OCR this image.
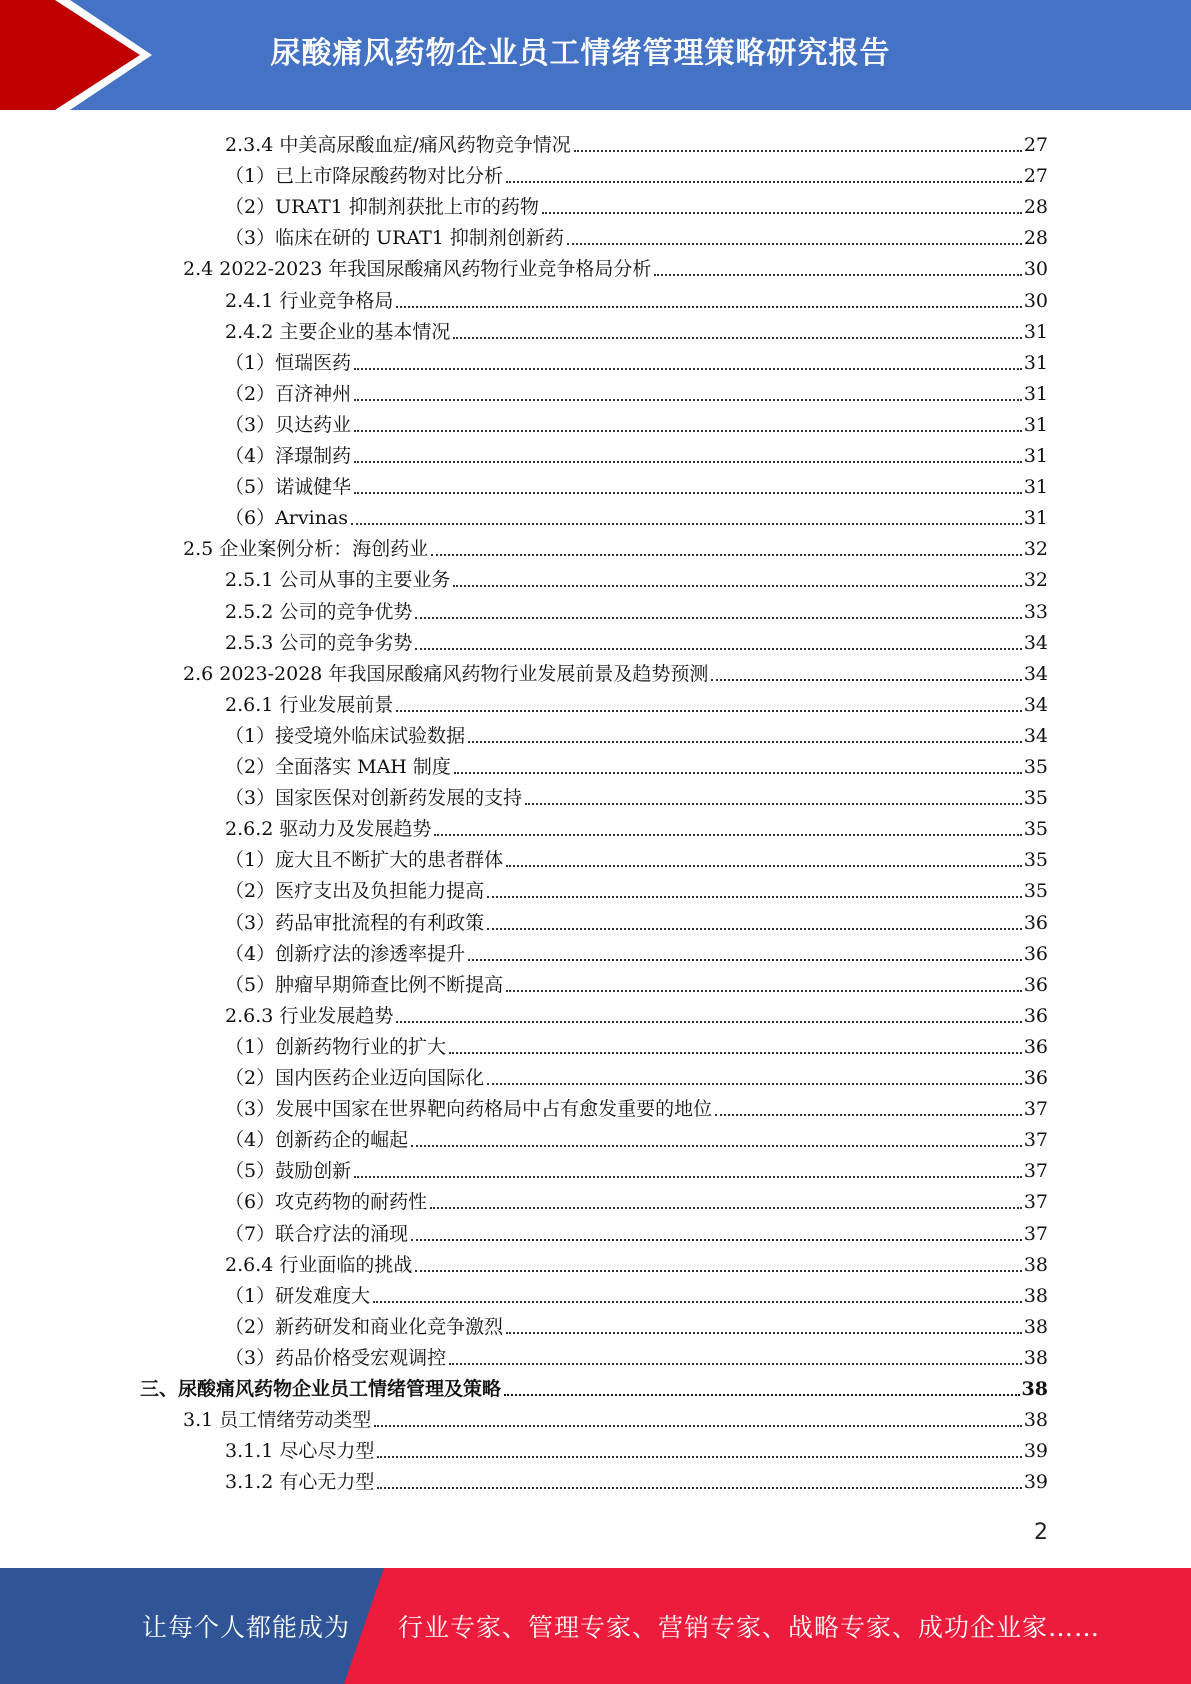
尿酸痛风药物企业员工情绪管理策略研究报告
2.3.4 中美高尿酸血症/痛风药物竞争情况	27
（1）已上市降尿酸药物对比分析	27
（2）URAT1 抑制剂获批上市的药物	28
（3）临床在研的 URAT1 抑制剂创新药	28
2.4 2022-2023 年我国尿酸痛风药物行业竞争格局分析	30
2.4.1 行业竞争格局	30
2.4.2 主要企业的基本情况	31
（1）恒瑞医药	31
（2）百济神州	31
（3）贝达药业	31
（4）泽璟制药	31
（5）诺诚健华	31
（6）Arvinas	31
2.5 企业案例分析：海创药业	32
2.5.1 公司从事的主要业务	32
2.5.2 公司的竞争优势	33
2.5.3 公司的竞争劣势	34
2.6 2023-2028 年我国尿酸痛风药物行业发展前景及趋势预测	34
2.6.1 行业发展前景	34
（1）接受境外临床试验数据	34
（2）全面落实 MAH 制度	35
（3）国家医保对创新药发展的支持	35
2.6.2 驱动力及发展趋势	35
（1）庞大且不断扩大的患者群体	35
（2）医疗支出及负担能力提高	35
（3）药品审批流程的有利政策	36
（4）创新疗法的渗透率提升	36
（5）肿瘤早期筛查比例不断提高	36
2.6.3 行业发展趋势	36
（1）创新药物行业的扩大	36
（2）国内医药企业迈向国际化	36
（3）发展中国家在世界靶向药格局中占有愈发重要的地位	37
（4）创新药企的崛起	37
（5）鼓励创新	37
（6）攻克药物的耐药性	37
（7）联合疗法的涌现	37
2.6.4 行业面临的挑战	38
（1）研发难度大	38
（2）新药研发和商业化竞争激烈	38
（3）药品价格受宏观调控	38
三、尿酸痛风药物企业员工情绪管理及策略	38
3.1 员工情绪劳动类型	38
3.1.1 尽心尽力型	39
3.1.2 有心无力型	39
2
让每个人都能成为 行业专家、管理专家、营销专家、战略专家、成功企业家……
